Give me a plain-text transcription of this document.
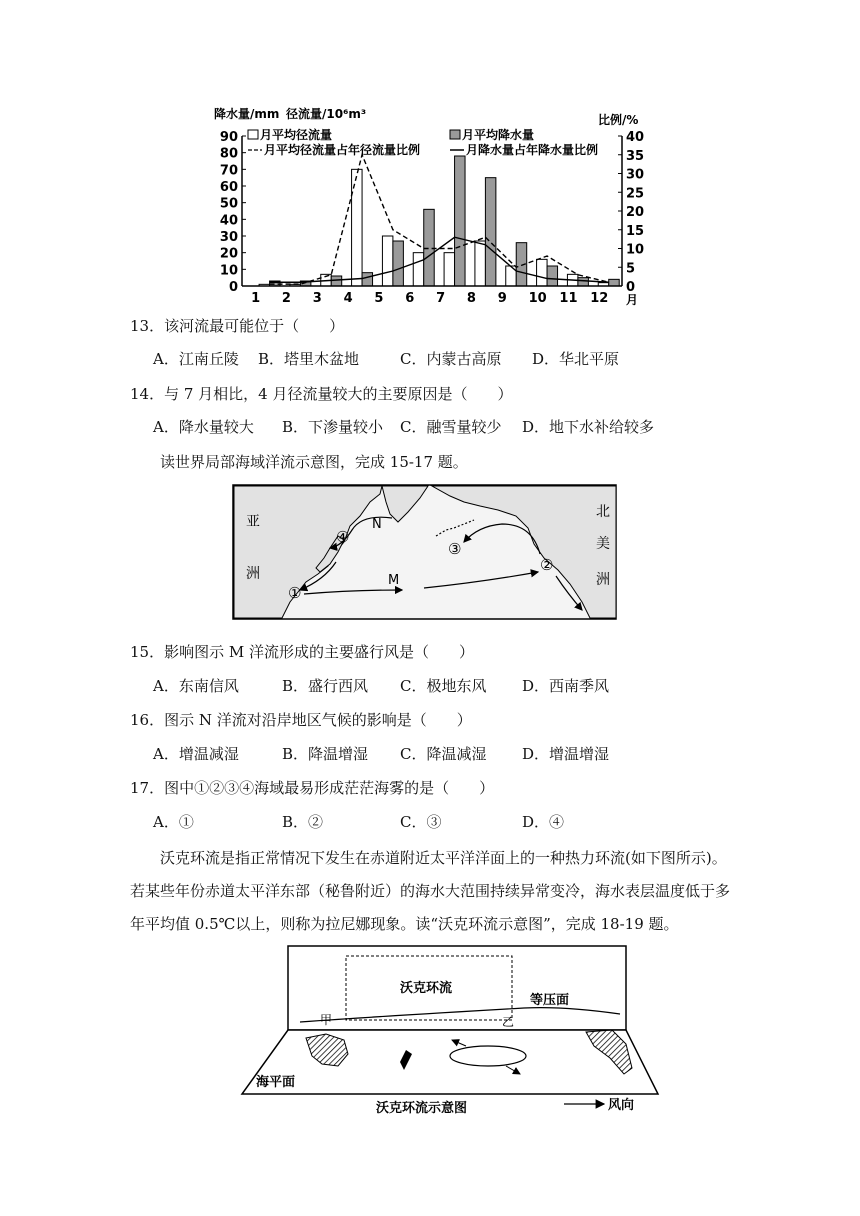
降水量/mm 径流量/10⁶m³	比例/%
0
10
20
30
40
50
60
70
80
90
0
5
10
15
20
25
30
35
40
1 2 3 4 5 6 7 8 9 10 11 12 月
月平均径流量	月平均降水量
月平均径流量占年径流量比例	月降水量占年降水量比例
13．该河流最可能位于（　　）
A．江南丘陵 B．塔里木盆地	C．内蒙古高原 D．华北平原
14．与 7 月相比，4 月径流量较大的主要原因是（　　）
A．降水量较大 B．下渗量较小 C．融雪量较少 D．地下水补给较多
读世界局部海域洋流示意图，完成 15-17 题。
亚
洲
北
美
洲
N
M
①
②
③
④
15．影响图示 M 洋流形成的主要盛行风是（　　）
A．东南信风	B．盛行西风 C．极地东风 D．西南季风
16．图示 N 洋流对沿岸地区气候的影响是（　　）
A．增温减湿	B．降温增湿 C．降温减湿 D．增温增湿
17．图中①②③④海域最易形成茫茫海雾的是（　　）
A．①	B．②	C．③	D．④
沃克环流是指正常情况下发生在赤道附近太平洋洋面上的一种热力环流(如下图所示)。若某些年份赤道太平洋东部（秘鲁附近）的海水大范围持续异常变冷，海水表层温度低于多年平均值 0.5℃以上，则称为拉尼娜现象。读“沃克环流示意图”，完成 18-19 题。
沃克环流
等压面
甲	乙
海平面
风向
沃克环流示意图
